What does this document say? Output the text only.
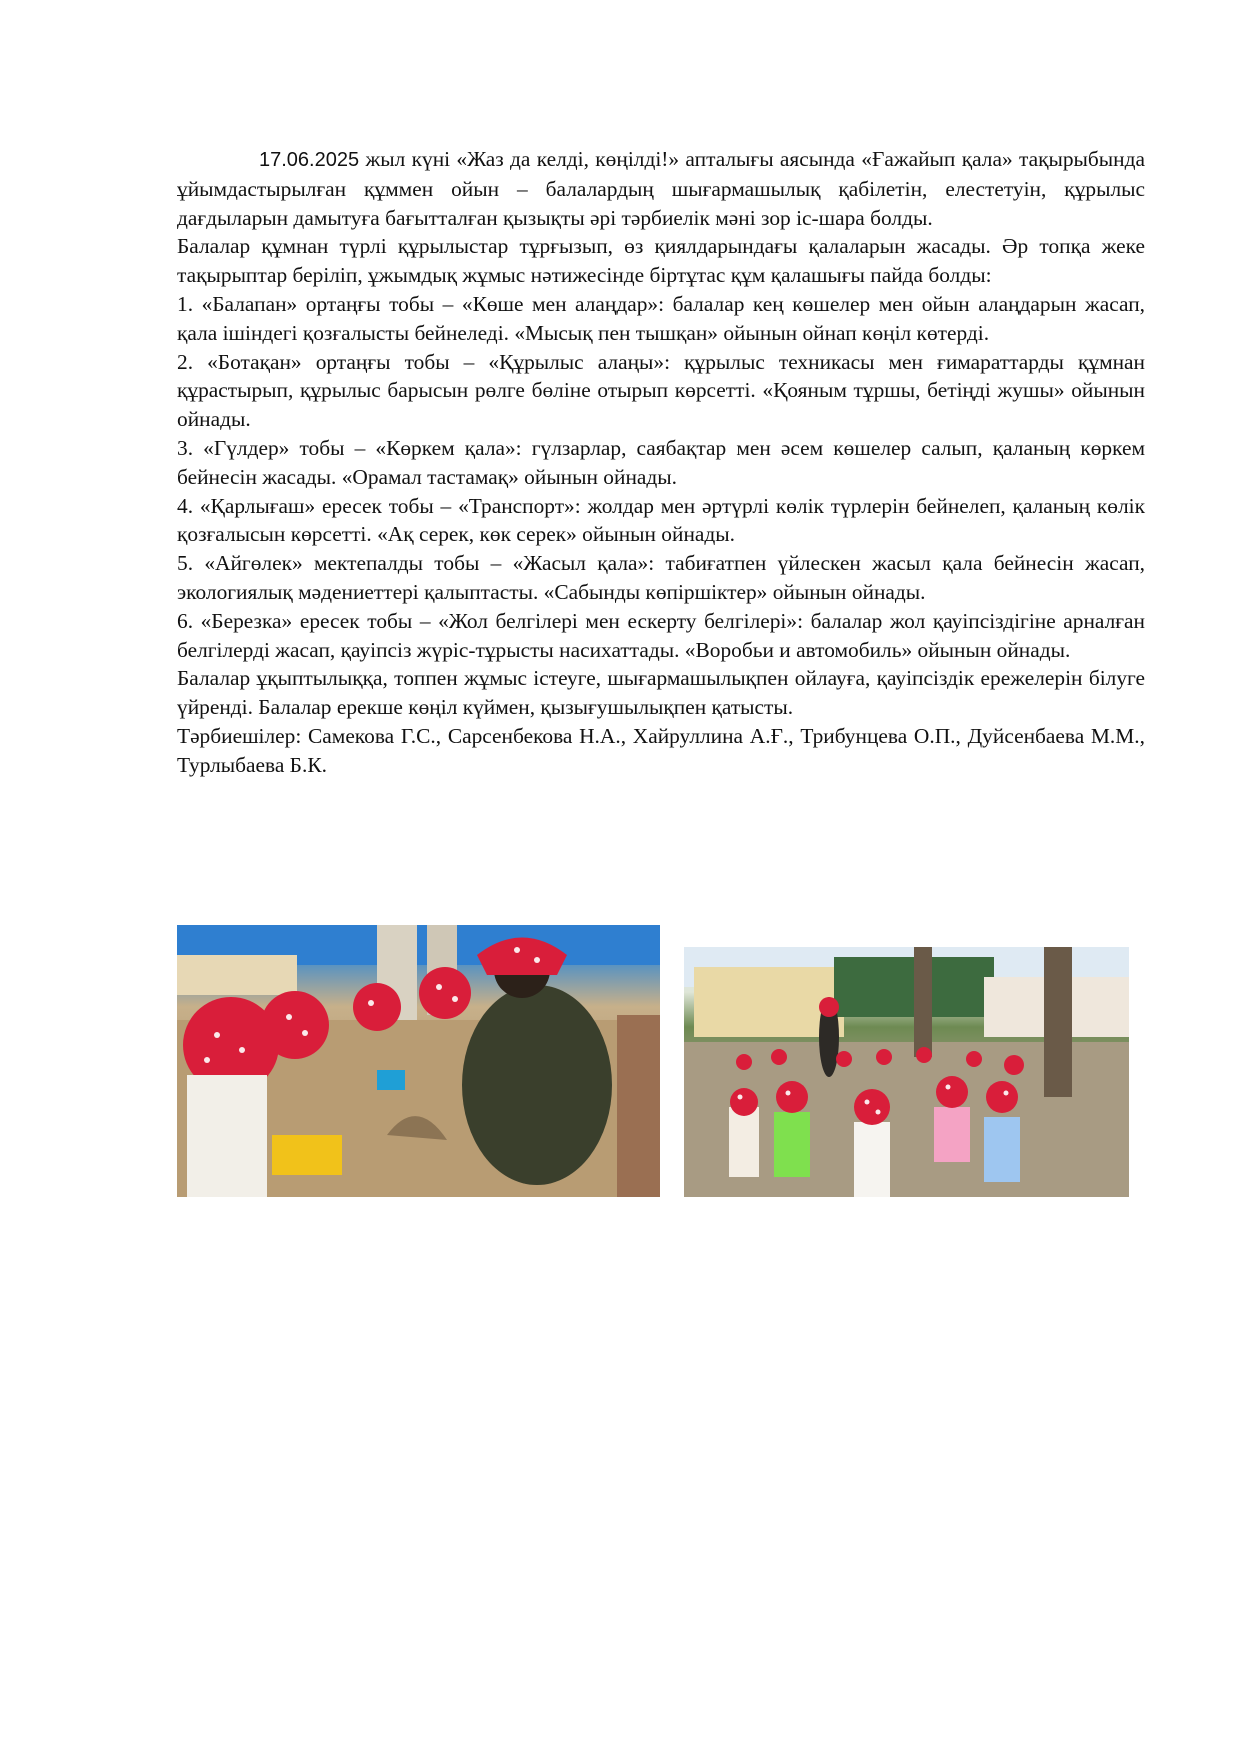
17.06.2025 жыл күні «Жаз да келді, көңілді!» апталығы аясында «Ғажайып қала» тақырыбында ұйымдастырылған құммен ойын – балалардың шығармашылық қабілетін, елестетуін, құрылыс дағдыларын дамытуға бағытталған қызықты әрі тәрбиелік мәні зор іс-шара болды.

Балалар құмнан түрлі құрылыстар тұрғызып, өз қиялдарындағы қалаларын жасады. Әр топқа жеке тақырыптар беріліп, ұжымдық жұмыс нәтижесінде біртұтас құм қалашығы пайда болды:

1. «Балапан» ортаңғы тобы – «Көше мен алаңдар»: балалар кең көшелер мен ойын алаңдарын жасап, қала ішіндегі қозғалысты бейнеледі. «Мысық пен тышқан» ойынын ойнап көңіл көтерді.

2. «Ботақан» ортаңғы тобы – «Құрылыс алаңы»: құрылыс техникасы мен ғимараттарды құмнан құрастырып, құрылыс барысын рөлге бөліне отырып көрсетті. «Қояным тұршы, бетіңді жушы» ойынын ойнады.

3. «Гүлдер» тобы – «Көркем қала»: гүлзарлар, саябақтар мен әсем көшелер салып, қаланың көркем бейнесін жасады. «Орамал тастамақ» ойынын ойнады.

4. «Қарлығаш» ересек тобы – «Транспорт»: жолдар мен әртүрлі көлік түрлерін бейнелеп, қаланың көлік қозғалысын көрсетті. «Ақ серек, көк серек» ойынын ойнады.

5. «Айгөлек» мектепалды тобы – «Жасыл қала»: табиғатпен үйлескен жасыл қала бейнесін жасап, экологиялық мәдениеттері қалыптасты. «Сабынды көпіршіктер» ойынын ойнады.

6. «Березка» ересек тобы – «Жол белгілері мен ескерту белгілері»: балалар жол қауіпсіздігіне арналған белгілерді жасап, қауіпсіз жүріс-тұрысты насихаттады. «Воробьи и автомобиль» ойынын ойнады.

Балалар ұқыптылыққа, топпен жұмыс істеуге, шығармашылықпен ойлауға, қауіпсіздік ережелерін білуге үйренді. Балалар ерекше көңіл күймен, қызығушылықпен қатысты.

Тәрбиешілер: Самекова Г.С., Сарсенбекова Н.А., Хайруллина А.Ғ., Трибунцева О.П., Дуйсенбаева М.М., Турлыбаева Б.К.
